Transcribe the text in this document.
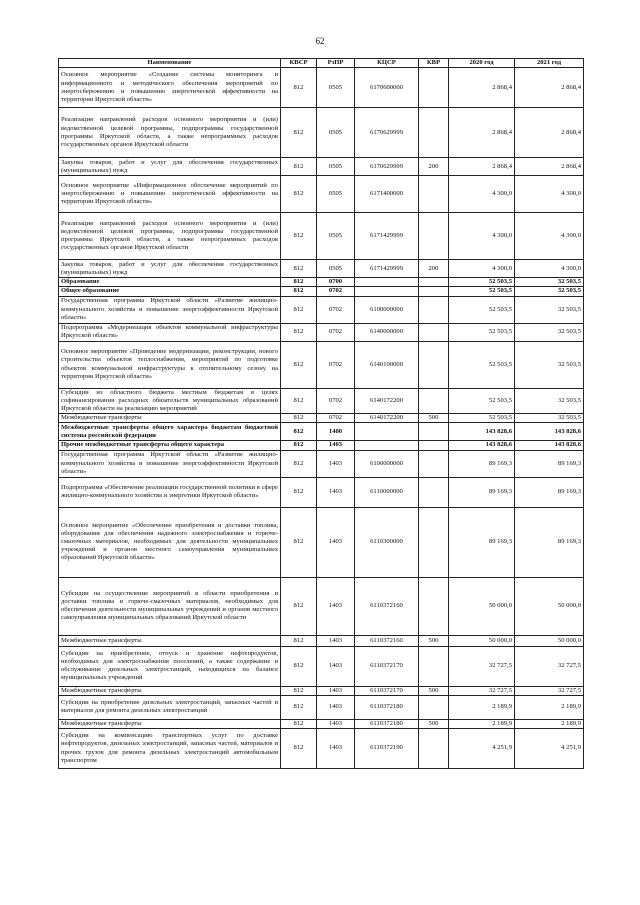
62
Наименование	КВСР	РзПР	КЦСР	КВР	2020 год	2021 год
Основное мероприятие «Создание системы мониторинга и информационного и методического обеспечения мероприятий по энергосбережению и повышению энергетической эффективности на территории Иркутской области»	812	0505	6170600000		2 868,4	2 868,4
Реализация направлений расходов основного мероприятия и (или) ведомственной целевой программы, подпрограммы государственной программы Иркутской области, а также непрограммных расходов государственных органов Иркутской области	812	0505	6170629999		2 868,4	2 868,4
Закупка товаров, работ и услуг для обеспечения государственных (муниципальных) нужд	812	0505	6170629999	200	2 868,4	2 868,4
Основное мероприятие «Информационное обеспечение мероприятий по энергосбережению и повышению энергетической эффективности на территории Иркутской области»	812	0505	6171400000		4 300,0	4 300,0
Реализация направлений расходов основного мероприятия и (или) ведомственной целевой программы, подпрограммы государственной программы Иркутской области, а также непрограммных расходов государственных органов Иркутской области	812	0505	6171429999		4 300,0	4 300,0
Закупка товаров, работ и услуг для обеспечения государственных (муниципальных) нужд	812	0505	6171429999	200	4 300,0	4 300,0
Образование	812	0700			52 503,5	32 503,5
Общее образование	812	0702			52 503,5	32 503,5
Государственная программа Иркутской области «Развитие жилищно-коммунального хозяйства и повышение энергоэффективности Иркутской области»	812	0702	6100000000		52 503,5	32 503,5
Подпрограмма «Модернизация объектов коммунальной инфраструктуры Иркутской области»	812	0702	6140000000		52 503,5	32 503,5
Основное мероприятие «Проведение модернизации, реконструкции, нового строительства объектов теплоснабжения, мероприятий по подготовке объектов коммунальной инфраструктуры к отопительному сезону на территории Иркутской области»	812	0702	6140100000		52 503,5	32 503,5
Субсидии из областного бюджета местным бюджетам в целях софинансирования расходных обязательств муниципальных образований Иркутской области на реализацию мероприятий	812	0702	6140172200		52 503,5	32 503,5
Межбюджетные трансферты	812	0702	6140172200	500	52 503,5	32 503,5
Межбюджетные трансферты общего характера бюджетам бюджетной системы российской федерации	812	1400			143 828,6	143 828,6
Прочие межбюджетные трансферты общего характера	812	1403			143 828,6	143 828,6
Государственная программа Иркутской области «Развитие жилищно-коммунального хозяйства и повышение энергоэффективности Иркутской области»	812	1403	6100000000		89 169,3	89 169,3
Подпрограмма «Обеспечение реализации государственной политики в сфере жилищно-коммунального хозяйства и энергетики Иркутской области»	812	1403	6110000000		89 169,3	89 169,3
Основное мероприятие «Обеспечение приобретения и доставки топлива, оборудования для обеспечения надежного электроснабжения и горюче-смазочных материалов, необходимых для деятельности муниципальных учреждений и органов местного самоуправления муниципальных образований Иркутской области»	812	1403	6110300000		89 169,3	89 169,3
Субсидии на осуществление мероприятий в области приобретения и доставки топлива и горюче-смазочных материалов, необходимых для обеспечения деятельности муниципальных учреждений и органов местного самоуправления муниципальных образований Иркутской области	812	1403	6110372160		50 000,0	50 000,0
Межбюджетные трансферты	812	1403	6110372160	500	50 000,0	50 000,0
Субсидии на приобретение, отпуск и хранение нефтепродуктов, необходимых для электроснабжения поселений, а также содержание и обслуживание дизельных электростанций, находящихся на балансе муниципальных учреждений	812	1403	6110372170		32 727,5	32 727,5
Межбюджетные трансферты	812	1403	6110372170	500	32 727,5	32 727,5
Субсидии на приобретение дизельных электростанций, запасных частей и материалов для ремонта дизельных электростанций	812	1403	6110372180		2 189,9	2 189,9
Межбюджетные трансферты	812	1403	6110372180	500	2 189,9	2 189,9
Субсидии на компенсацию транспортных услуг по доставке нефтепродуктов, дизельных электростанций, запасных частей, материалов и прочих грузов для ремонта дизельных электростанций автомобильным транспортом	812	1403	6110372190		4 251,9	4 251,9
